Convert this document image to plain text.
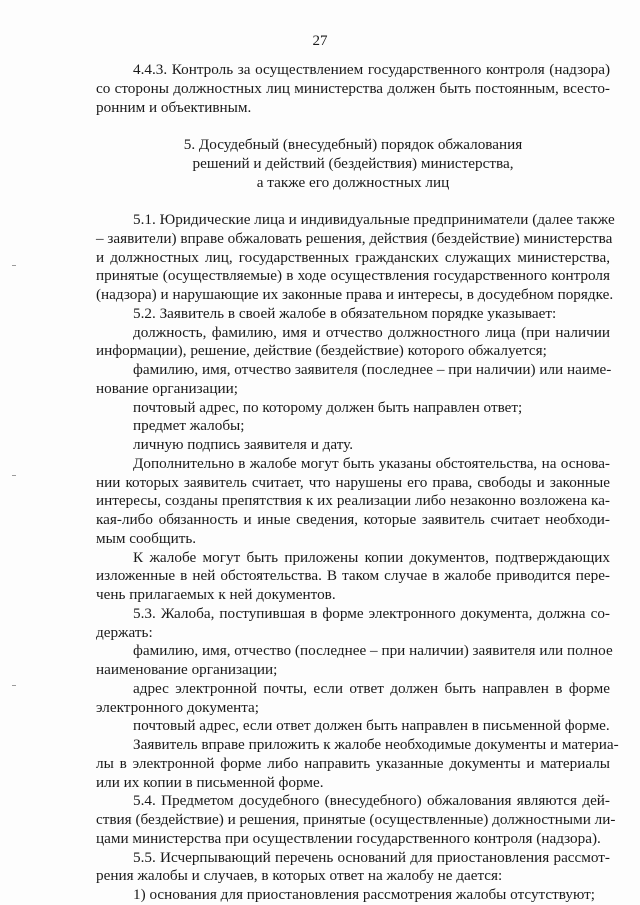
27
4.4.3. Контроль за осуществлением государственного контроля (надзора)
со стороны должностных лиц министерства должен быть постоянным, всесто-
ронним и объективным.
5. Досудебный (внесудебный) порядок обжалования
решений и действий (бездействия) министерства,
а также его должностных лиц
5.1. Юридические лица и индивидуальные предприниматели (далее также
– заявители) вправе обжаловать решения, действия (бездействие) министерства
и должностных лиц, государственных гражданских служащих министерства,
принятые (осуществляемые) в ходе осуществления государственного контроля
(надзора) и нарушающие их законные права и интересы, в досудебном порядке.
5.2. Заявитель в своей жалобе в обязательном порядке указывает:
должность, фамилию, имя и отчество должностного лица (при наличии
информации), решение, действие (бездействие) которого обжалуется;
фамилию, имя, отчество заявителя (последнее – при наличии) или наиме-
нование организации;
почтовый адрес, по которому должен быть направлен ответ;
предмет жалобы;
личную подпись заявителя и дату.
Дополнительно в жалобе могут быть указаны обстоятельства, на основа-
нии которых заявитель считает, что нарушены его права, свободы и законные
интересы, созданы препятствия к их реализации либо незаконно возложена ка-
кая-либо обязанность и иные сведения, которые заявитель считает необходи-
мым сообщить.
К жалобе могут быть приложены копии документов, подтверждающих
изложенные в ней обстоятельства. В таком случае в жалобе приводится пере-
чень прилагаемых к ней документов.
5.3. Жалоба, поступившая в форме электронного документа, должна со-
держать:
фамилию, имя, отчество (последнее – при наличии) заявителя или полное
наименование организации;
адрес электронной почты, если ответ должен быть направлен в форме
электронного документа;
почтовый адрес, если ответ должен быть направлен в письменной форме.
Заявитель вправе приложить к жалобе необходимые документы и материа-
лы в электронной форме либо направить указанные документы и материалы
или их копии в письменной форме.
5.4. Предметом досудебного (внесудебного) обжалования являются дей-
ствия (бездействие) и решения, принятые (осуществленные) должностными ли-
цами министерства при осуществлении государственного контроля (надзора).
5.5. Исчерпывающий перечень оснований для приостановления рассмот-
рения жалобы и случаев, в которых ответ на жалобу не дается:
1) основания для приостановления рассмотрения жалобы отсутствуют;
